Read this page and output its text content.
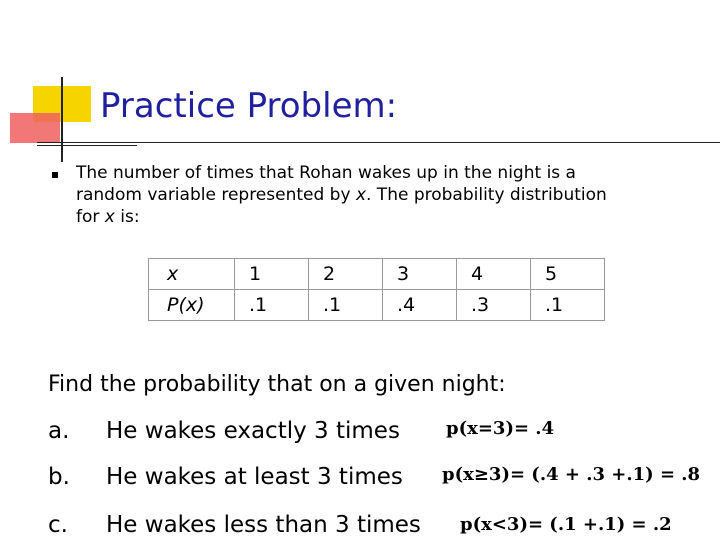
Practice Problem:
The number of times that Rohan wakes up in the night is a
random variable represented by x. The probability distribution
for x is:
x	1	2	3	4	5
P(x)	.1	.1	.4	.3	.1
Find the probability that on a given night:
a. He wakes exactly 3 times	p(x=3)= .4
b. He wakes at least 3 times p(x≥3)= (.4 + .3 +.1) = .8
c. He wakes less than 3 times p(x<3)= (.1 +.1) = .2
